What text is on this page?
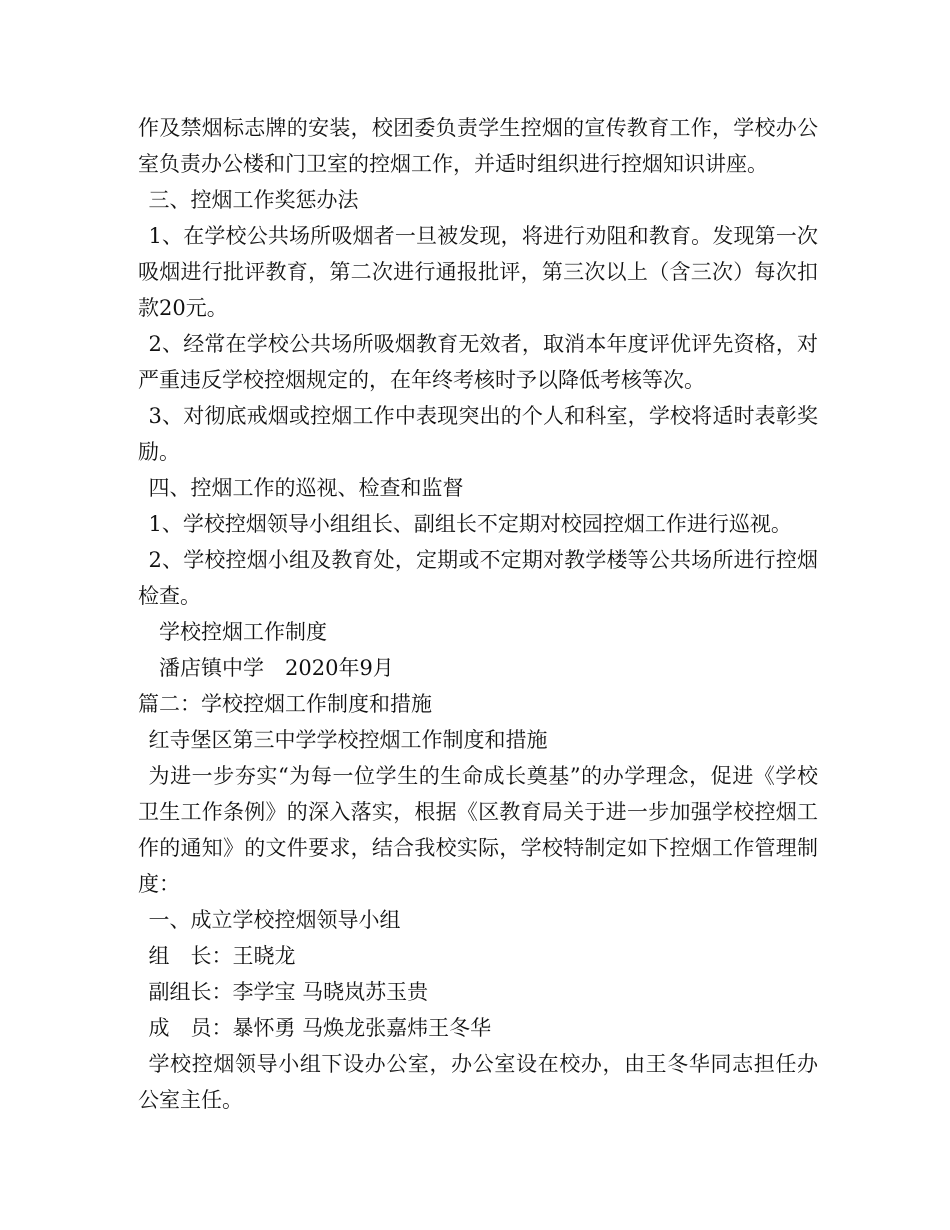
作及禁烟标志牌的安装，校团委负责学生控烟的宣传教育工作，学校办公室负责办公楼和门卫室的控烟工作，并适时组织进行控烟知识讲座。

三、控烟工作奖惩办法

1、在学校公共场所吸烟者一旦被发现，将进行劝阻和教育。发现第一次吸烟进行批评教育，第二次进行通报批评，第三次以上（含三次）每次扣款20元。

2、经常在学校公共场所吸烟教育无效者，取消本年度评优评先资格，对严重违反学校控烟规定的，在年终考核时予以降低考核等次。

3、对彻底戒烟或控烟工作中表现突出的个人和科室，学校将适时表彰奖励。

四、控烟工作的巡视、检查和监督

1、学校控烟领导小组组长、副组长不定期对校园控烟工作进行巡视。

2、学校控烟小组及教育处，定期或不定期对教学楼等公共场所进行控烟检查。

学校控烟工作制度

潘店镇中学　2020年9月

篇二：学校控烟工作制度和措施

红寺堡区第三中学学校控烟工作制度和措施

为进一步夯实“为每一位学生的生命成长奠基”的办学理念，促进《学校卫生工作条例》的深入落实，根据《区教育局关于进一步加强学校控烟工作的通知》的文件要求，结合我校实际，学校特制定如下控烟工作管理制度：

一、成立学校控烟领导小组

组　长：王晓龙

副组长：李学宝 马晓岚苏玉贵

成　员：暴怀勇 马焕龙张嘉炜王冬华

学校控烟领导小组下设办公室，办公室设在校办，由王冬华同志担任办公室主任。
